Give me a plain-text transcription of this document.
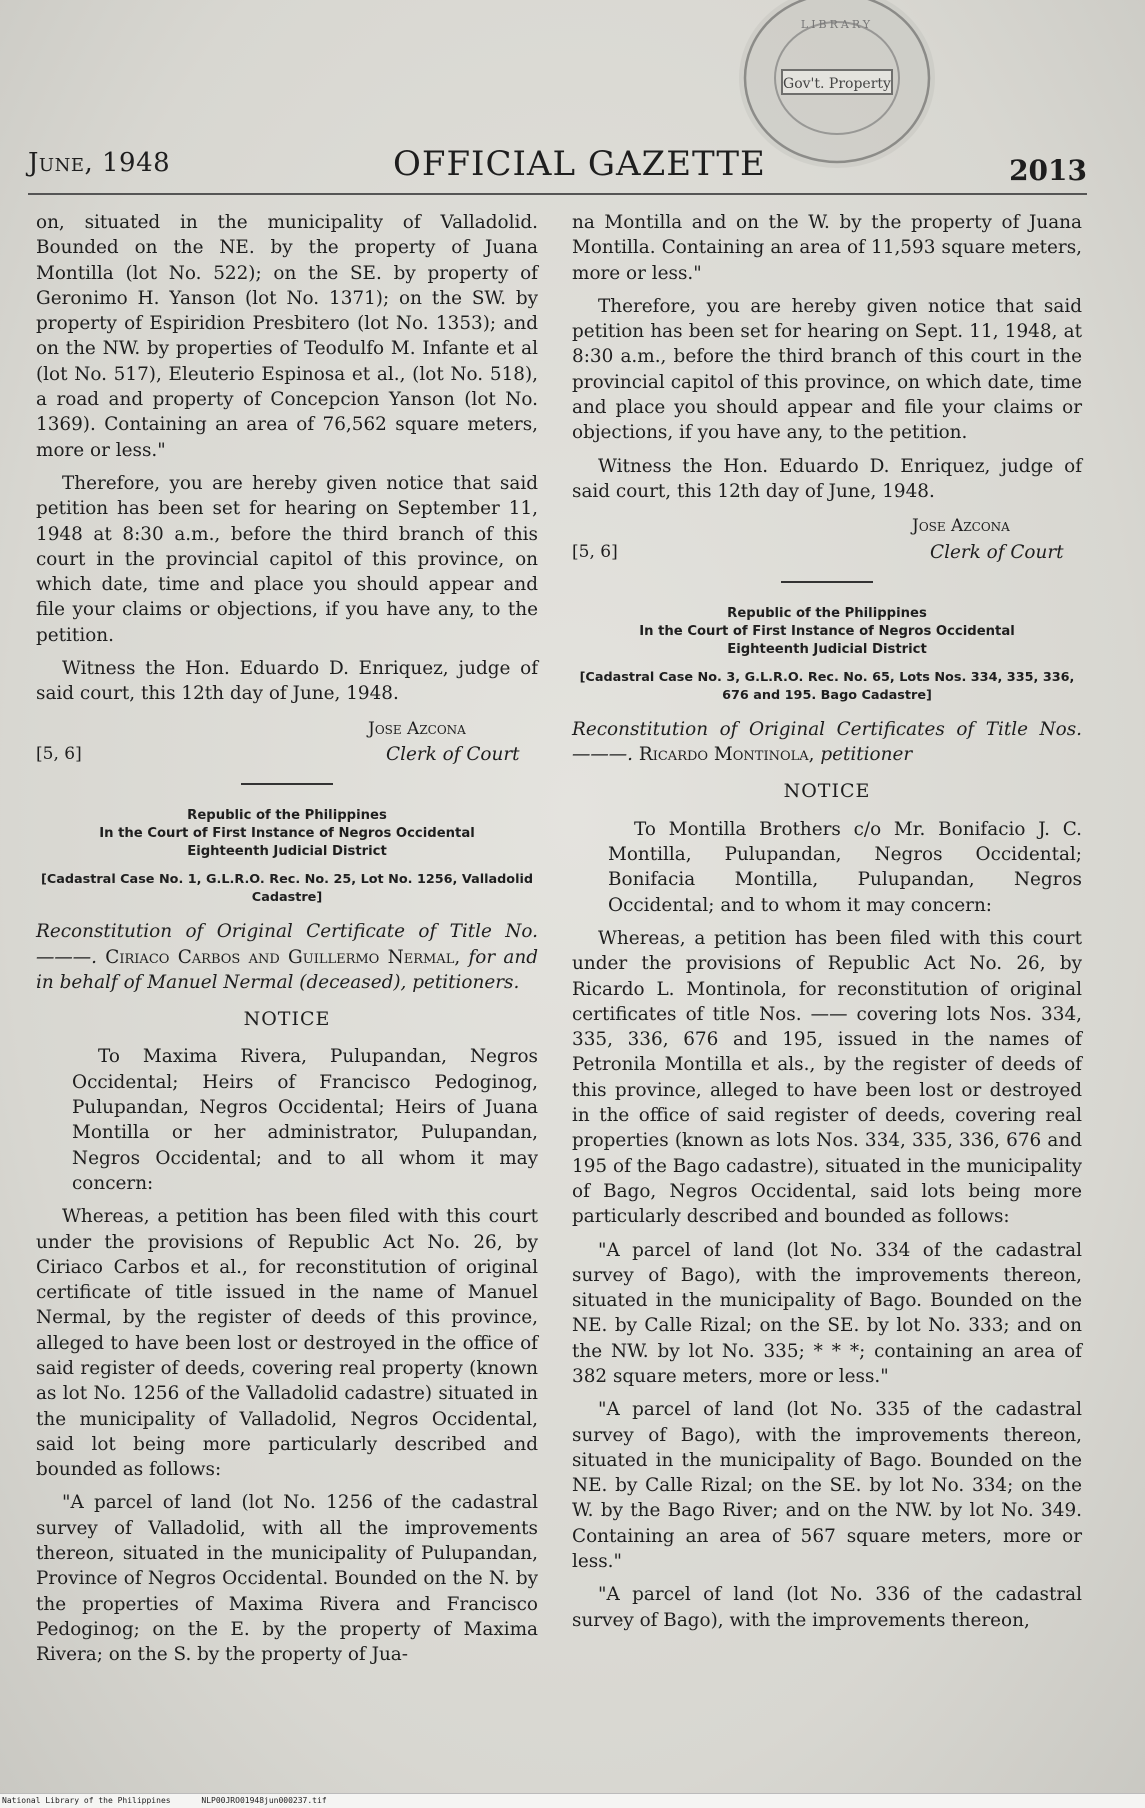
Gov't. Property
LIBRARY
June, 1948	OFFICIAL GAZETTE	2013

on, situated in the municipality of Valladolid. Bounded on the NE. by the property of Juana Montilla (lot No. 522); on the SE. by property of Geronimo H. Yanson (lot No. 1371); on the SW. by property of Espiridion Presbitero (lot No. 1353); and on the NW. by properties of Teodulfo M. Infante et al (lot No. 517), Eleuterio Espinosa et al., (lot No. 518), a road and property of Concepcion Yanson (lot No. 1369). Containing an area of 76,562 square meters, more or less."

Therefore, you are hereby given notice that said petition has been set for hearing on September 11, 1948 at 8:30 a.m., before the third branch of this court in the provincial capitol of this province, on which date, time and place you should appear and file your claims or objections, if you have any, to the petition.

Witness the Hon. Eduardo D. Enriquez, judge of said court, this 12th day of June, 1948.

[5, 6]
Jose Azcona
Clerk of Court
Republic of the Philippines
In the Court of First Instance of Negros Occidental
Eighteenth Judicial District
[Cadastral Case No. 1, G.L.R.O. Rec. No. 25, Lot No. 1256, Valladolid Cadastre]

Reconstitution of Original Certificate of Title No. ———. Ciriaco Carbos and Guillermo Nermal, for and in behalf of Manuel Nermal (deceased), petitioners.

NOTICE

To Maxima Rivera, Pulupandan, Negros Occidental; Heirs of Francisco Pedoginog, Pulupandan, Negros Occidental; Heirs of Juana Montilla or her administrator, Pulupandan, Negros Occidental; and to all whom it may concern:

Whereas, a petition has been filed with this court under the provisions of Republic Act No. 26, by Ciriaco Carbos et al., for reconstitution of original certificate of title issued in the name of Manuel Nermal, by the register of deeds of this province, alleged to have been lost or destroyed in the office of said register of deeds, covering real property (known as lot No. 1256 of the Valladolid cadastre) situated in the municipality of Valladolid, Negros Occidental, said lot being more particularly described and bounded as follows:

"A parcel of land (lot No. 1256 of the cadastral survey of Valladolid, with all the improvements thereon, situated in the municipality of Pulupandan, Province of Negros Occidental. Bounded on the N. by the properties of Maxima Rivera and Francisco Pedoginog; on the E. by the property of Maxima Rivera; on the S. by the property of Jua-

na Montilla and on the W. by the property of Juana Montilla. Containing an area of 11,593 square meters, more or less."

Therefore, you are hereby given notice that said petition has been set for hearing on Sept. 11, 1948, at 8:30 a.m., before the third branch of this court in the provincial capitol of this province, on which date, time and place you should appear and file your claims or objections, if you have any, to the petition.

Witness the Hon. Eduardo D. Enriquez, judge of said court, this 12th day of June, 1948.

[5, 6]
Jose Azcona
Clerk of Court
Republic of the Philippines
In the Court of First Instance of Negros Occidental
Eighteenth Judicial District
[Cadastral Case No. 3, G.L.R.O. Rec. No. 65, Lots Nos. 334, 335, 336, 676 and 195. Bago Cadastre]

Reconstitution of Original Certificates of Title Nos. ———. Ricardo Montinola, petitioner

NOTICE

To Montilla Brothers c/o Mr. Bonifacio J. C. Montilla, Pulupandan, Negros Occidental; Bonifacia Montilla, Pulupandan, Negros Occidental; and to whom it may concern:

Whereas, a petition has been filed with this court under the provisions of Republic Act No. 26, by Ricardo L. Montinola, for reconstitution of original certificates of title Nos. —— covering lots Nos. 334, 335, 336, 676 and 195, issued in the names of Petronila Montilla et als., by the register of deeds of this province, alleged to have been lost or destroyed in the office of said register of deeds, covering real properties (known as lots Nos. 334, 335, 336, 676 and 195 of the Bago cadastre), situated in the municipality of Bago, Negros Occidental, said lots being more particularly described and bounded as follows:

"A parcel of land (lot No. 334 of the cadastral survey of Bago), with the improvements thereon, situated in the municipality of Bago. Bounded on the NE. by Calle Rizal; on the SE. by lot No. 333; and on the NW. by lot No. 335; * * *; containing an area of 382 square meters, more or less."

"A parcel of land (lot No. 335 of the cadastral survey of Bago), with the improvements thereon, situated in the municipality of Bago. Bounded on the NE. by Calle Rizal; on the SE. by lot No. 334; on the W. by the Bago River; and on the NW. by lot No. 349. Containing an area of 567 square meters, more or less."

"A parcel of land (lot No. 336 of the cadastral survey of Bago), with the improvements thereon,

National Library of the Philippines	NLP00JRO01948jun000237.tif
